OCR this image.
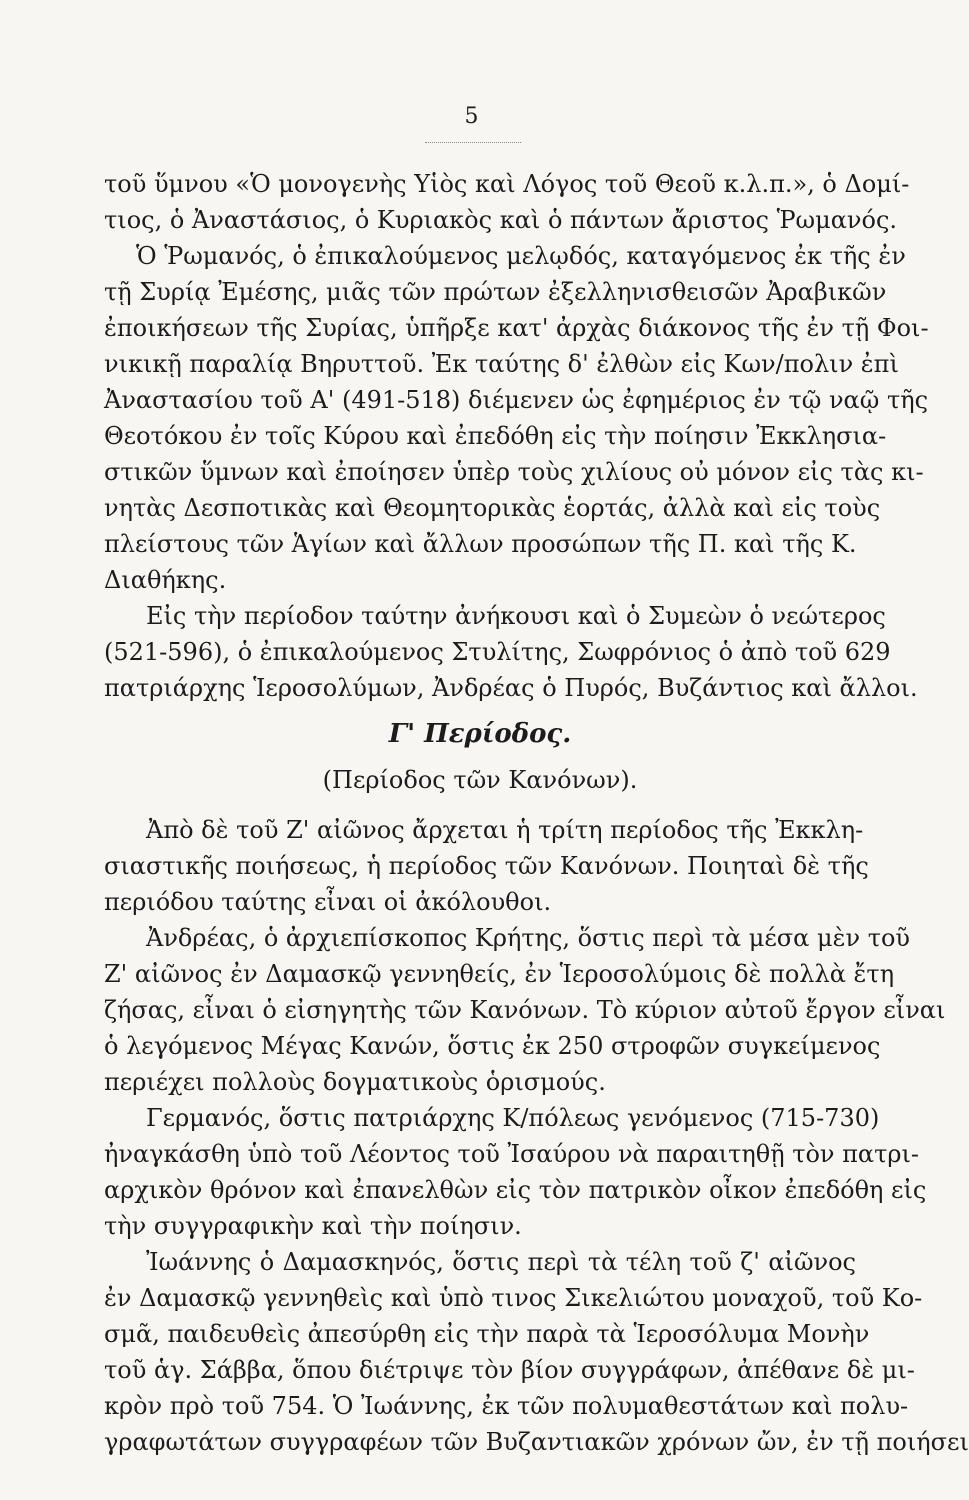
5
τοῦ ὕμνου «Ὁ μονογενὴς Υἱὸς καὶ Λόγος τοῦ Θεοῦ κ.λ.π.», ὁ Δομί-
τιος, ὁ Ἀναστάσιος, ὁ Κυριακὸς καὶ ὁ πάντων ἄριστος Ῥωμανός.
Ὁ Ῥωμανός, ὁ ἐπικαλούμενος μελῳδός, καταγόμενος ἐκ τῆς ἐν
τῇ Συρίᾳ Ἐμέσης, μιᾶς τῶν πρώτων ἐξελληνισθεισῶν Ἀραβικῶν
ἐποικήσεων τῆς Συρίας, ὑπῆρξε κατ' ἀρχὰς διάκονος τῆς ἐν τῇ Φοι-
νικικῇ παραλίᾳ Βηρυττοῦ. Ἐκ ταύτης δ' ἐλθὼν εἰς Κων/πολιν ἐπὶ
Ἀναστασίου τοῦ Α' (491-518) διέμενεν ὡς ἐφημέριος ἐν τῷ ναῷ τῆς
Θεοτόκου ἐν τοῖς Κύρου καὶ ἐπεδόθη εἰς τὴν ποίησιν Ἐκκλησια-
στικῶν ὕμνων καὶ ἐποίησεν ὑπὲρ τοὺς χιλίους οὐ μόνον εἰς τὰς κι-
νητὰς Δεσποτικὰς καὶ Θεομητορικὰς ἑορτάς, ἀλλὰ καὶ εἰς τοὺς
πλείστους τῶν Ἁγίων καὶ ἄλλων προσώπων τῆς Π. καὶ τῆς Κ.
Διαθήκης.
Εἰς τὴν περίοδον ταύτην ἀνήκουσι καὶ ὁ Συμεὼν ὁ νεώτερος
(521-596), ὁ ἐπικαλούμενος Στυλίτης, Σωφρόνιος ὁ ἀπὸ τοῦ 629
πατριάρχης Ἱεροσολύμων, Ἀνδρέας ὁ Πυρός, Βυζάντιος καὶ ἄλλοι.
Γ' Περίοδος.
(Περίοδος τῶν Κανόνων).
Ἀπὸ δὲ τοῦ Ζ' αἰῶνος ἄρχεται ἡ τρίτη περίοδος τῆς Ἐκκλη-
σιαστικῆς ποιήσεως, ἡ περίοδος τῶν Κανόνων. Ποιηταὶ δὲ τῆς
περιόδου ταύτης εἶναι οἱ ἀκόλουθοι.
Ἀνδρέας, ὁ ἀρχιεπίσκοπος Κρήτης, ὅστις περὶ τὰ μέσα μὲν τοῦ
Ζ' αἰῶνος ἐν Δαμασκῷ γεννηθείς, ἐν Ἱεροσολύμοις δὲ πολλὰ ἔτη
ζήσας, εἶναι ὁ εἰσηγητὴς τῶν Κανόνων. Τὸ κύριον αὐτοῦ ἔργον εἶναι
ὁ λεγόμενος Μέγας Κανών, ὅστις ἐκ 250 στροφῶν συγκείμενος
περιέχει πολλοὺς δογματικοὺς ὁρισμούς.
Γερμανός, ὅστις πατριάρχης Κ/πόλεως γενόμενος (715-730)
ἠναγκάσθη ὑπὸ τοῦ Λέοντος τοῦ Ἰσαύρου νὰ παραιτηθῇ τὸν πατρι-
αρχικὸν θρόνον καὶ ἐπανελθὼν εἰς τὸν πατρικὸν οἶκον ἐπεδόθη εἰς
τὴν συγγραφικὴν καὶ τὴν ποίησιν.
Ἰωάννης ὁ Δαμασκηνός, ὅστις περὶ τὰ τέλη τοῦ ζ' αἰῶνος
ἐν Δαμασκῷ γεννηθεὶς καὶ ὑπὸ τινος Σικελιώτου μοναχοῦ, τοῦ Κο-
σμᾶ, παιδευθεὶς ἀπεσύρθη εἰς τὴν παρὰ τὰ Ἱεροσόλυμα Μονὴν
τοῦ ἁγ. Σάββα, ὅπου διέτριψε τὸν βίον συγγράφων, ἀπέθανε δὲ μι-
κρὸν πρὸ τοῦ 754. Ὁ Ἰωάννης, ἐκ τῶν πολυμαθεστάτων καὶ πολυ-
γραφωτάτων συγγραφέων τῶν Βυζαντιακῶν χρόνων ὤν, ἐν τῇ ποιήσει
